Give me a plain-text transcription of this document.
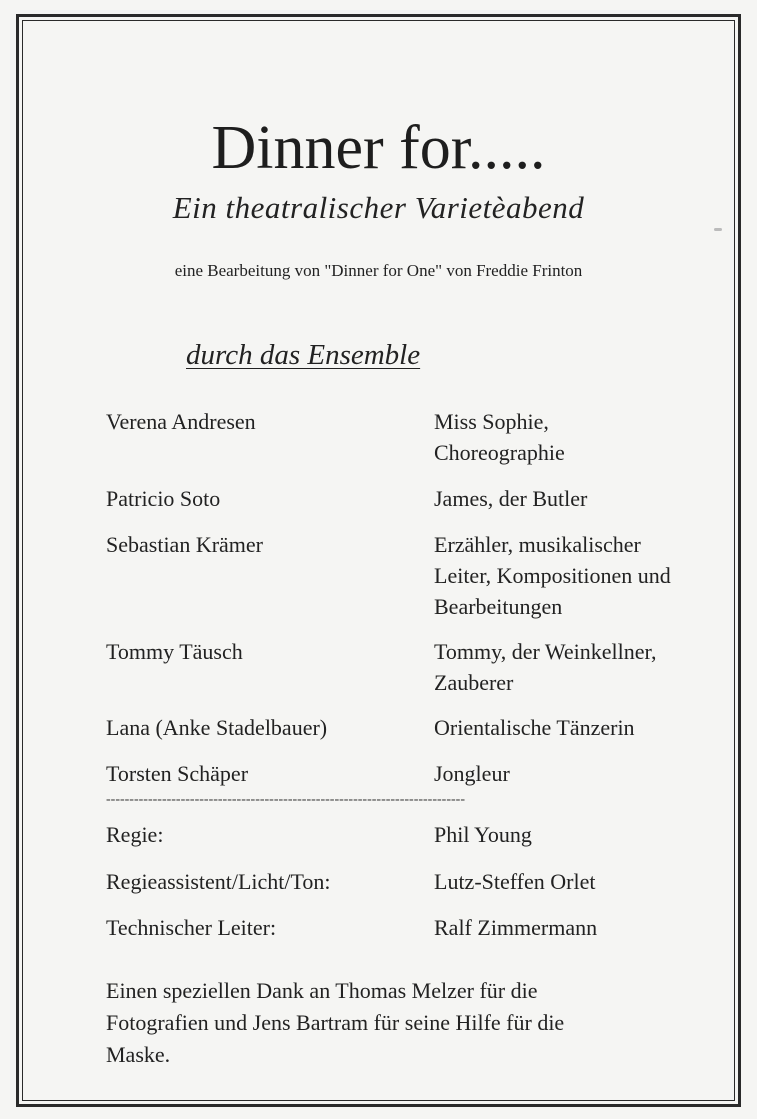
Dinner for.....
Ein theatralischer Varietèabend
eine Bearbeitung von "Dinner for One" von Freddie Frinton
durch das Ensemble
Verena Andresen	Miss Sophie,
Choreographie
Patricio Soto	James, der Butler
Sebastian Krämer	Erzähler, musikalischer
Leiter, Kompositionen und
Bearbeitungen
Tommy Täusch	Tommy, der Weinkellner,
Zauberer
Lana (Anke Stadelbauer)	Orientalische Tänzerin
Torsten Schäper	Jongleur
-----------------------------------------------------------------------------
Regie:	Phil Young
Regieassistent/Licht/Ton:	Lutz-Steffen Orlet
Technischer Leiter:	Ralf Zimmermann
Einen speziellen Dank an Thomas Melzer für die
Fotografien und Jens Bartram für seine Hilfe für die
Maske.
